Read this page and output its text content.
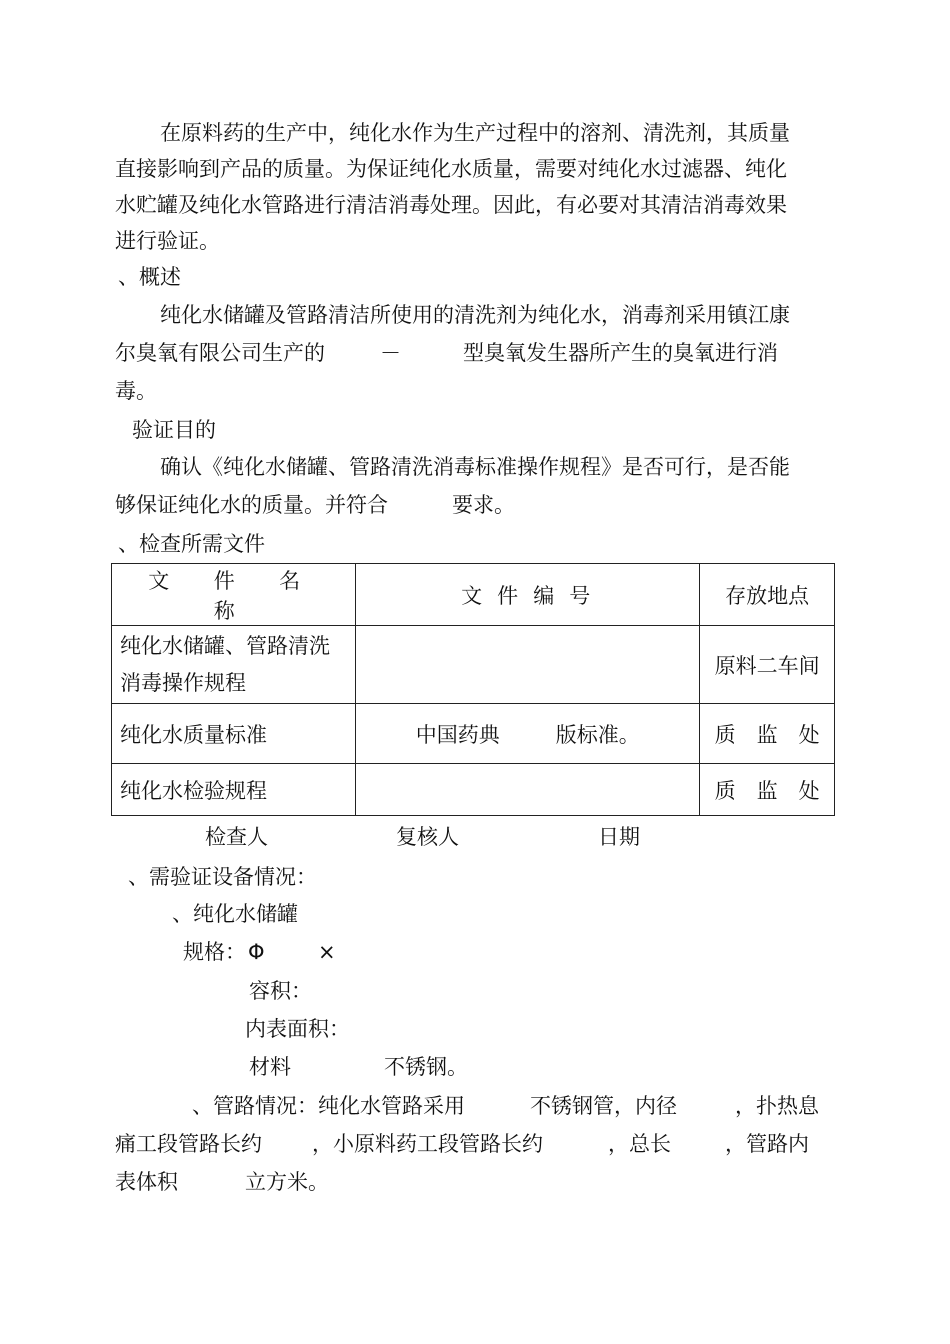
在原料药的生产中，纯化水作为生产过程中的溶剂、清洗剂，其质量
直接影响到产品的质量。为保证纯化水质量，需要对纯化水过滤器、纯化
水贮罐及纯化水管路进行清洁消毒处理。因此，有必要对其清洁消毒效果
进行验证。
、概述
纯化水储罐及管路清洁所使用的清洗剂为纯化水，消毒剂采用镇江康
尔臭氧有限公司生产的	－	型臭氧发生器所产生的臭氧进行消
毒。
验证目的
确认《纯化水储罐、管路清洗消毒标准操作规程》是否可行，是否能
够保证纯化水的质量。并符合	要求。
、检查所需文件
文 件 名 称	文 件 编 号	存放地点

纯化水储罐、管路清洗
消毒操作规程		原料二车间
纯化水质量标准	中国药典 版标准。	质　监　处
纯化水检验规程		质　监　处
检查人	复核人	日期
、需验证设备情况：
、纯化水储罐
规格： Φ	×
容积：
内表面积：
材料	不锈钢。
、管路情况：纯化水管路采用	不锈钢管，内径	，扑热息
痛工段管路长约 ，小原料药工段管路长约	，总长	，管路内
表体积	立方米。
